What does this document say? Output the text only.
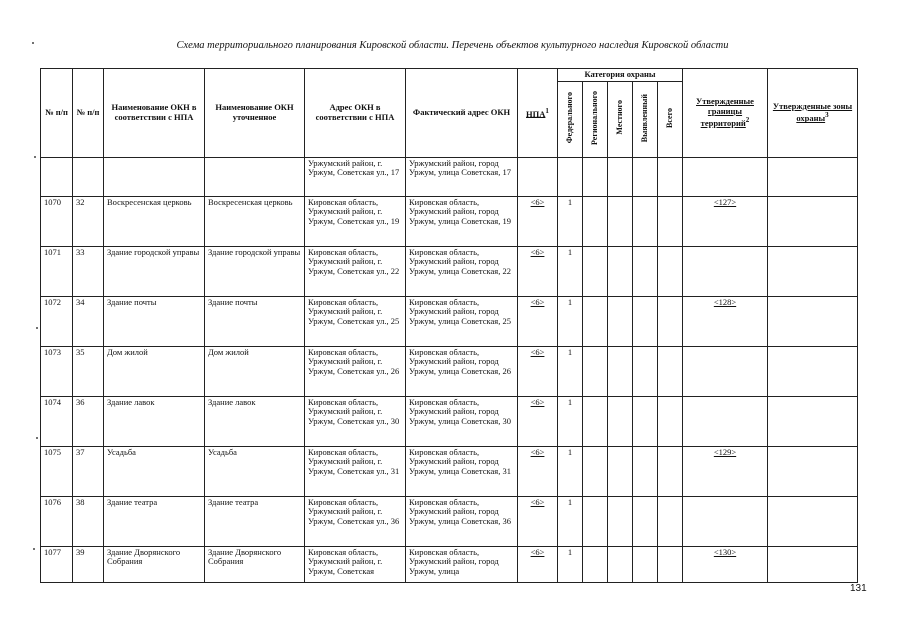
Схема территориального планирования Кировской области. Перечень объектов культурного наследия Кировской области
№ п/п	№ п/п	Наименование ОКН в соответствии с НПА	Наименование ОКН уточненное	Адрес ОКН в соответствии с НПА	Фактический адрес ОКН	НПА$^1$	Категория охраны					Утвержденные границы территорий$^2$	Утвержденные зоны охраны$^3$
							Федерального	Регионального	Местного	Выявленный	Всего		
				Уржумский район, г. Уржум, Советская ул., 17	Уржумский район, город Уржум, улица Советская, 17								
1070	32	Воскресенская церковь	Воскресенская церковь	Кировская область, Уржумский район, г. Уржум, Советская ул., 19	Кировская область, Уржумский район, город Уржум, улица Советская, 19	<6>	1					<127>	
1071	33	Здание городской управы	Здание городской управы	Кировская область, Уржумский район, г. Уржум, Советская ул., 22	Кировская область, Уржумский район, город Уржум, улица Советская, 22	<6>	1						
1072	34	Здание почты	Здание почты	Кировская область, Уржумский район, г. Уржум, Советская ул., 25	Кировская область, Уржумский район, город Уржум, улица Советская, 25	<6>	1					<128>	
1073	35	Дом жилой	Дом жилой	Кировская область, Уржумский район, г. Уржум, Советская ул., 26	Кировская область, Уржумский район, город Уржум, улица Советская, 26	<6>	1						
1074	36	Здание лавок	Здание лавок	Кировская область, Уржумский район, г. Уржум, Советская ул., 30	Кировская область, Уржумский район, город Уржум, улица Советская, 30	<6>	1						
1075	37	Усадьба	Усадьба	Кировская область, Уржумский район, г. Уржум, Советская ул., 31	Кировская область, Уржумский район, город Уржум, улица Советская, 31	<6>	1					<129>	
1076	38	Здание театра	Здание театра	Кировская область, Уржумский район, г. Уржум, Советская ул., 36	Кировская область, Уржумский район, город Уржум, улица Советская, 36	<6>	1						
1077	39	Здание Дворянского Собрания	Здание Дворянского Собрания	Кировская область, Уржумский район, г. Уржум, Советская	Кировская область, Уржумский район, город Уржум, улица	<6>	1					<130>	
131
